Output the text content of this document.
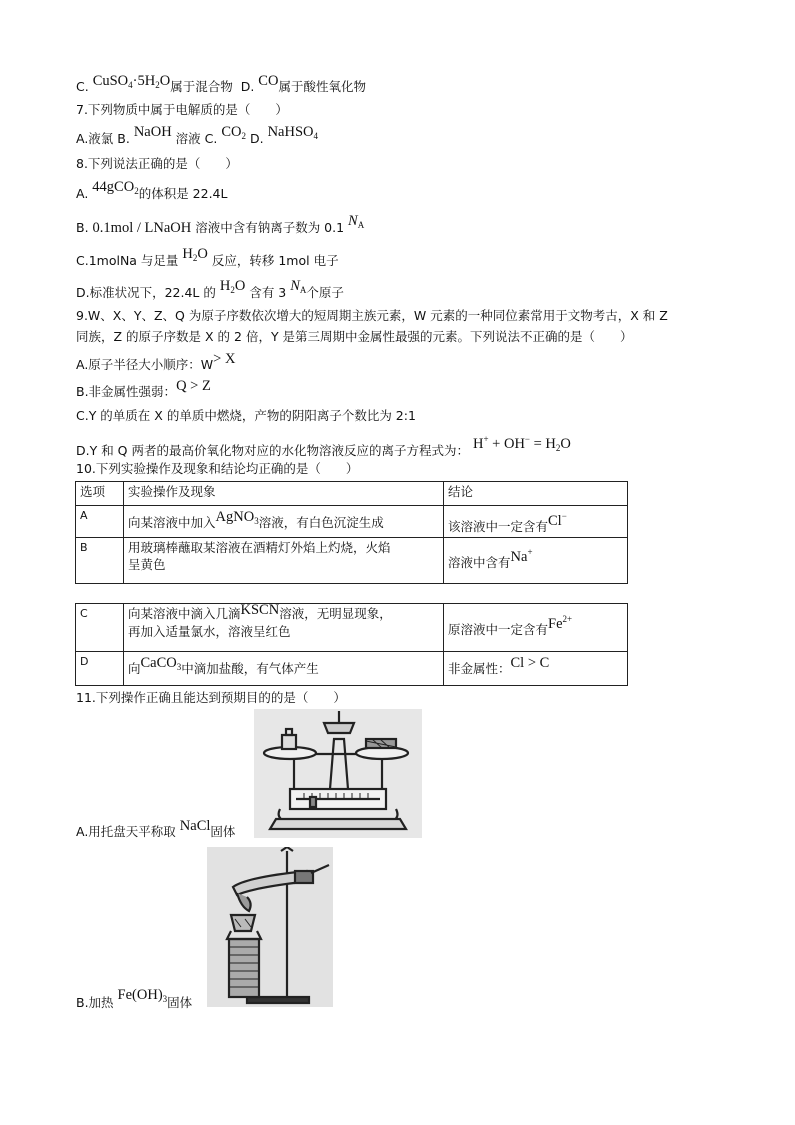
C. $CuSO_4\cdot 5H_2O$属于混合物 D. CO属于酸性氧化物
7.下列物质中属于电解质的是（　　）
A.液氯 B. NaOH 溶液 C. $CO_2$ D. NaHSO$_4$
8.下列说法正确的是（　　）
A. 44gCO$_2$的体积是 22.4L
B. 0.1mol / LNaOH 溶液中含有钠离子数为 0.1 $N_A$
C.1molNa 与足量 $H_2O$ 反应，转移 1mol 电子
D.标准状况下，22.4L 的 $H_2O$ 含有 3 $N_A$个原子
9.W、X、Y、Z、Q 为原子序数依次增大的短周期主族元素，W 元素的一种同位素常用于文物考古，X 和 Z
同族，Z 的原子序数是 X 的 2 倍，Y 是第三周期中金属性最强的元素。下列说法不正确的是（　　）
A.原子半径大小顺序：W> X
B.非金属性强弱：Q > Z
C.Y 的单质在 X 的单质中燃烧，产物的阴阳离子个数比为 2:1
D.Y 和 Q 两者的最高价氧化物对应的水化物溶液反应的离子方程式为： $H^+ + OH^- = H_2O$
10.下列实验操作及现象和结论均正确的是（　　）
选项	实验操作及现象	结论
A	向某溶液中加入AgNO$_3$溶液，有白色沉淀生成	该溶液中一定含有Cl−
B	用玻璃棒蘸取某溶液在酒精灯外焰上灼烧，火焰
呈黄色	溶液中含有Na+
C	向某溶液中滴入几滴KSCN溶液，无明显现象，
再加入适量氯水，溶液呈红色	原溶液中一定含有$Fe^{2+}$
D	向CaCO$_3$中滴加盐酸，有气体产生	非金属性：Cl > C
11.下列操作正确且能达到预期目的的是（　　）
A.用托盘天平称取 NaCl固体
B.加热 $Fe(OH)_3$固体
